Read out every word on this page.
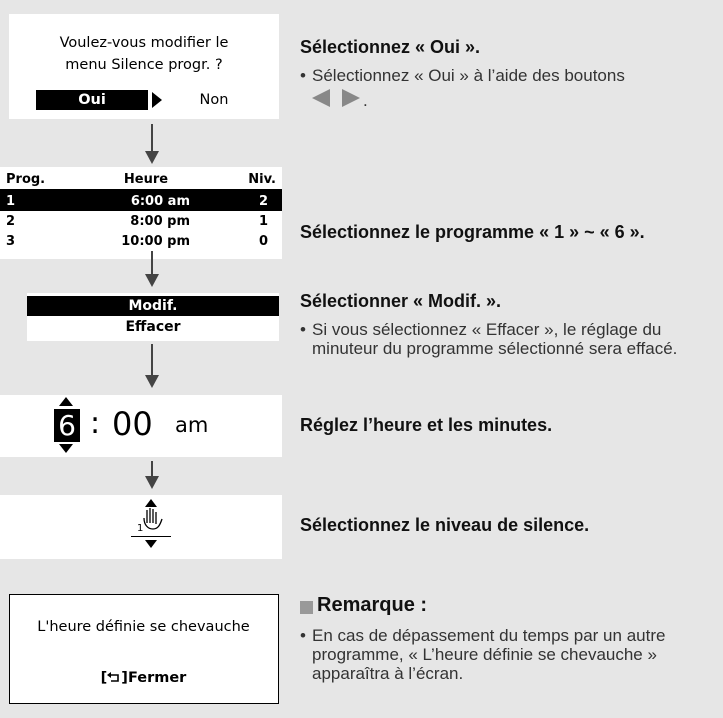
Voulez-vous modifier le
menu Silence progr. ?
Oui	Non
Sélectionnez « Oui ».
• Sélectionnez « Oui » à l’aide des boutons
.
Prog.	Heure	Niv.
1	6:00 am	2
2	8:00 pm	1
3	10:00 pm	0 Sélectionnez le programme « 1 » ~ « 6 ».
Modif.
Effacer
Sélectionner « Modif. ».
• Si vous sélectionnez « Effacer », le réglage du minuteur du programme sélectionné sera effacé.
6 : 00 am	Réglez l’heure et les minutes.
1	Sélectionnez le niveau de silence.
L'heure définie se chevauche
[ ]Fermer
Remarque :
• En cas de dépassement du temps par un autre programme, « L’heure définie se chevauche » apparaîtra à l’écran.
